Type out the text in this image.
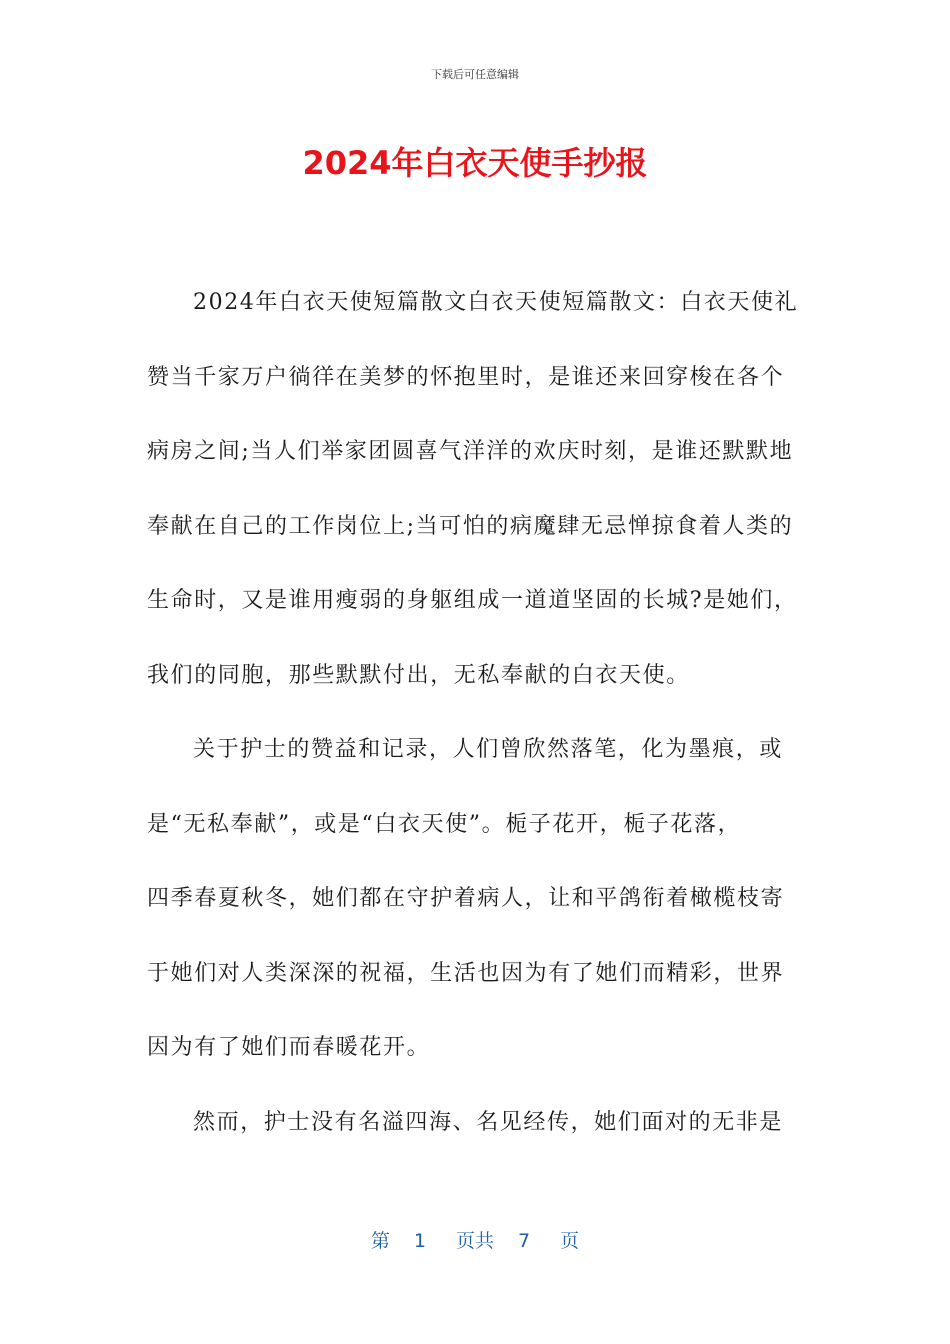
下载后可任意编辑
2024年白衣天使手抄报
2024年白衣天使短篇散文白衣天使短篇散文：白衣天使礼
赞当千家万户徜徉在美梦的怀抱里时，是谁还来回穿梭在各个
病房之间;当人们举家团圆喜气洋洋的欢庆时刻，是谁还默默地
奉献在自己的工作岗位上;当可怕的病魔肆无忌惮掠食着人类的
生命时，又是谁用瘦弱的身躯组成一道道坚固的长城?是她们，
我们的同胞，那些默默付出，无私奉献的白衣天使。
关于护士的赞益和记录，人们曾欣然落笔，化为墨痕，或
是“无私奉献”，或是“白衣天使”。栀子花开，栀子花落，
四季春夏秋冬，她们都在守护着病人，让和平鸽衔着橄榄枝寄
于她们对人类深深的祝福，生活也因为有了她们而精彩，世界
因为有了她们而春暖花开。
然而，护士没有名溢四海、名见经传，她们面对的无非是
第 1 页共 7 页
